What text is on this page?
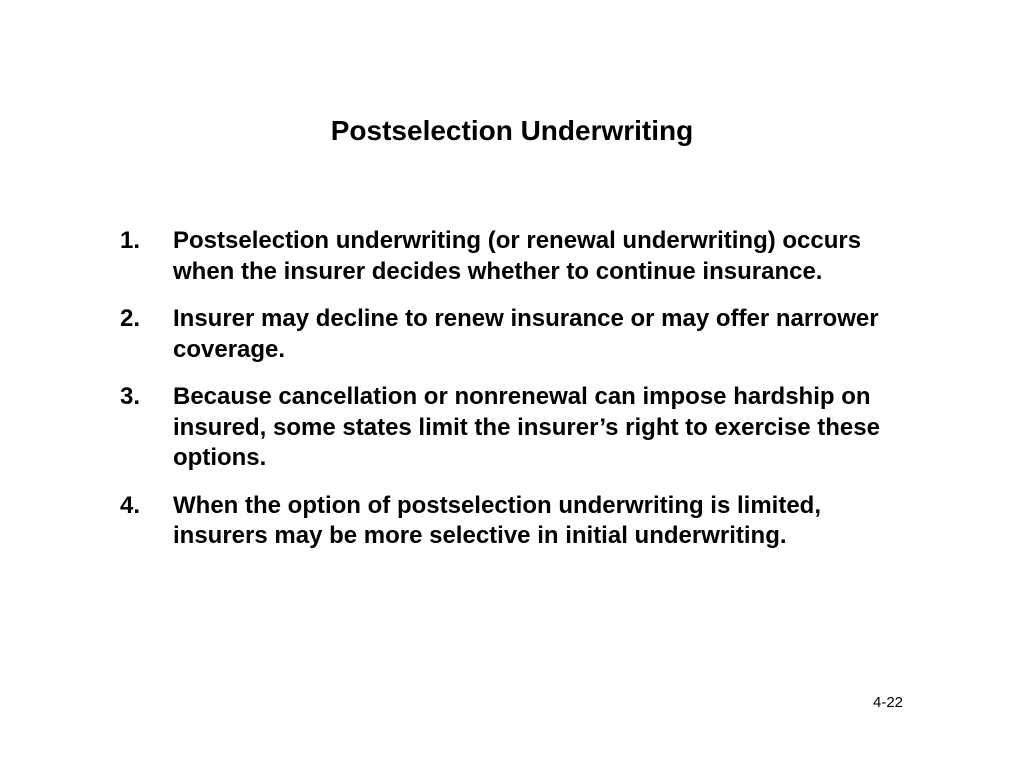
Postselection Underwriting
1. Postselection underwriting (or renewal underwriting) occurs when the insurer decides whether to continue insurance.
2. Insurer may decline to renew insurance or may offer narrower coverage.
3. Because cancellation or nonrenewal can impose hardship on insured, some states limit the insurer’s right to exercise these options.
4. When the option of postselection underwriting is limited, insurers may be more selective in initial underwriting.
4-22
